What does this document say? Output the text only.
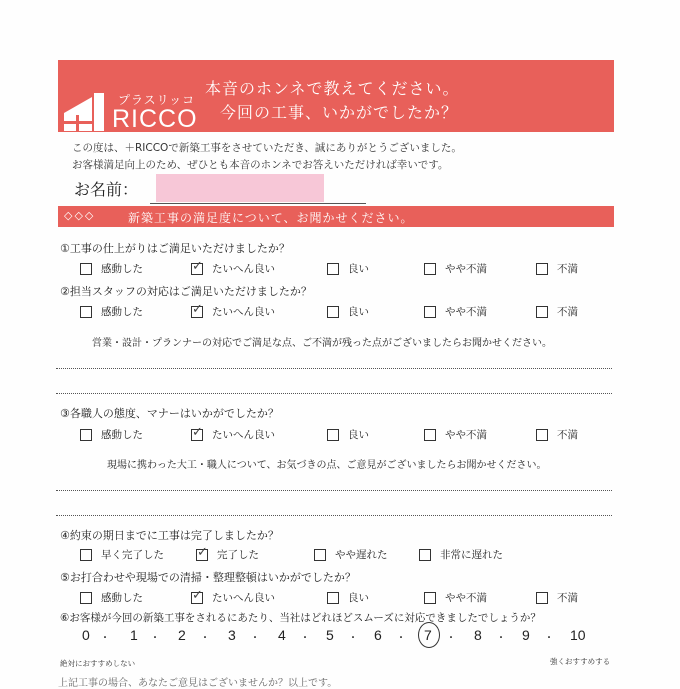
プラスリッコ
RICCO
本音のホンネで教えてください。
今回の工事、いかがでしたか？
この度は、＋RICCOで新築工事をさせていただき、誠にありがとうございました。
お客様満足向上のため、ぜひとも本音のホンネでお答えいただければ幸いです。
お名前：
◇◇◇	新築工事の満足度について、お聞かせください。
①工事の仕上がりはご満足いただけましたか？
感動した	✓ たいへん良い	良い	やや不満	不満
②担当スタッフの対応はご満足いただけましたか？
感動した	✓ たいへん良い	良い	やや不満	不満
営業・設計・プランナーの対応でご満足な点、ご不満が残った点がございましたらお聞かせください。
③各職人の態度、マナーはいかがでしたか？
感動した	✓ たいへん良い	良い	やや不満	不満
現場に携わった大工・職人について、お気づきの点、ご意見がございましたらお聞かせください。
④約束の期日までに工事は完了しましたか？
早く完了した	✓ 完了した	やや遅れた	非常に遅れた
⑤お打合わせや現場での清掃・整理整頓はいかがでしたか？
感動した	✓ たいへん良い	良い	やや不満	不満
⑥お客様が今回の新築工事をされるにあたり、当社はどれほどスムーズに対応できましたでしょうか？
0 ・ 1 ・ 2 ・ 3 ・ 4 ・ 5 ・ 6 ・ 7 ・ 8 ・ 9 ・ 10
絶対におすすめしない	強くおすすめする
上記工事の場合、あなたご意見はございませんか？以上です。
